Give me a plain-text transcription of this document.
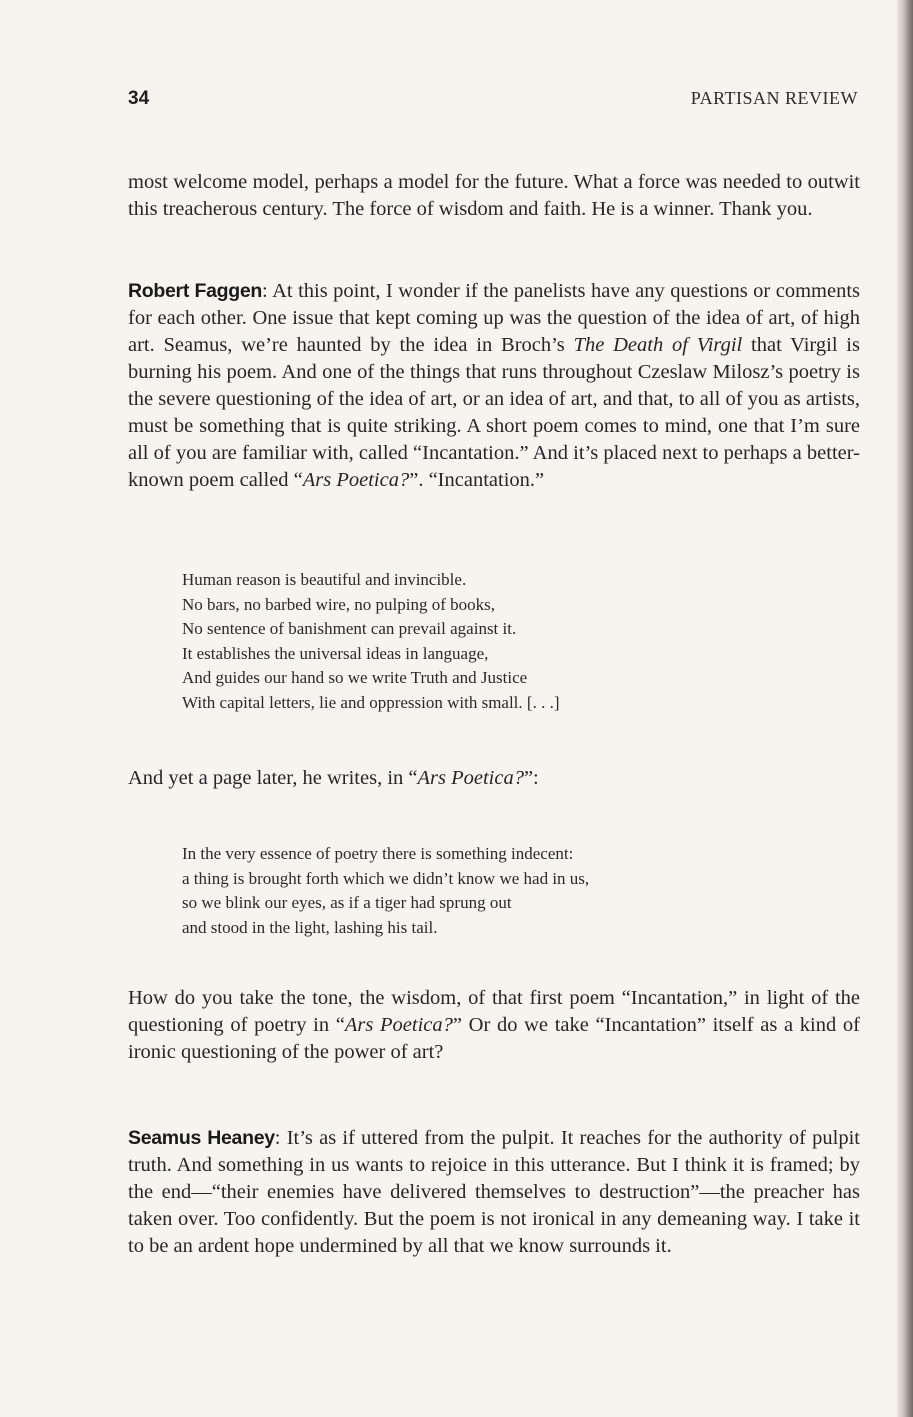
34	PARTISAN REVIEW

most welcome model, perhaps a model for the future. What a force was needed to outwit this treacherous century. The force of wisdom and faith. He is a winner. Thank you.

Robert Faggen: At this point, I wonder if the panelists have any questions or comments for each other. One issue that kept coming up was the question of the idea of art, of high art. Seamus, we’re haunted by the idea in Broch’s The Death of Virgil that Virgil is burning his poem. And one of the things that runs throughout Czeslaw Milosz’s poetry is the severe questioning of the idea of art, or an idea of art, and that, to all of you as artists, must be something that is quite striking. A short poem comes to mind, one that I’m sure all of you are familiar with, called “Incantation.” And it’s placed next to perhaps a better-known poem called “Ars Poetica?”. “Incantation.”

Human reason is beautiful and invincible.
No bars, no barbed wire, no pulping of books,
No sentence of banishment can prevail against it.
It establishes the universal ideas in language,
And guides our hand so we write Truth and Justice
With capital letters, lie and oppression with small. [. . .]

And yet a page later, he writes, in “Ars Poetica?”:

In the very essence of poetry there is something indecent:
a thing is brought forth which we didn’t know we had in us,
so we blink our eyes, as if a tiger had sprung out
and stood in the light, lashing his tail.

How do you take the tone, the wisdom, of that first poem “Incantation,” in light of the questioning of poetry in “Ars Poetica?” Or do we take “Incantation” itself as a kind of ironic questioning of the power of art?

Seamus Heaney: It’s as if uttered from the pulpit. It reaches for the authority of pulpit truth. And something in us wants to rejoice in this utterance. But I think it is framed; by the end—“their enemies have delivered themselves to destruction”—the preacher has taken over. Too confidently. But the poem is not ironical in any demeaning way. I take it to be an ardent hope undermined by all that we know surrounds it.
